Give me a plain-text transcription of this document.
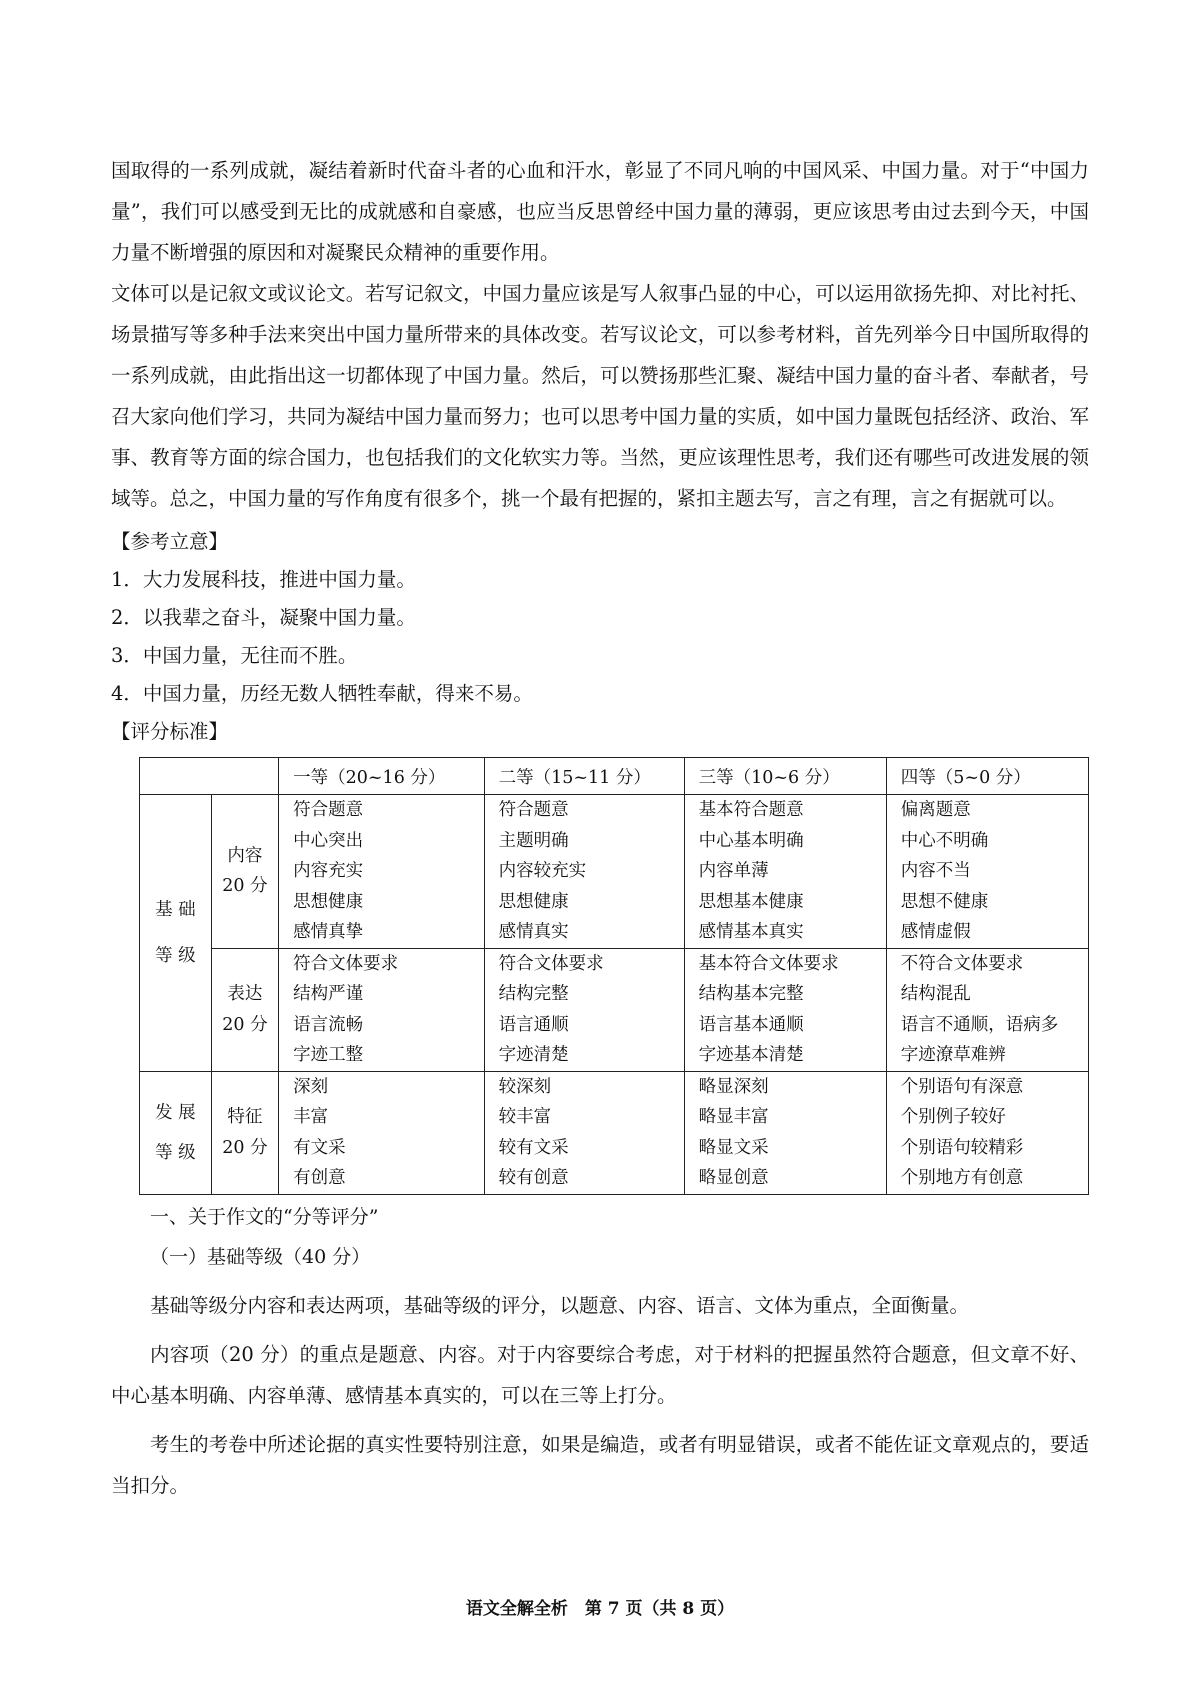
国取得的一系列成就，凝结着新时代奋斗者的心血和汗水，彰显了不同凡响的中国风采、中国力量。对于“中国力量”，我们可以感受到无比的成就感和自豪感，也应当反思曾经中国力量的薄弱，更应该思考由过去到今天，中国力量不断增强的原因和对凝聚民众精神的重要作用。

文体可以是记叙文或议论文。若写记叙文，中国力量应该是写人叙事凸显的中心，可以运用欲扬先抑、对比衬托、场景描写等多种手法来突出中国力量所带来的具体改变。若写议论文，可以参考材料，首先列举今日中国所取得的一系列成就，由此指出这一切都体现了中国力量。然后，可以赞扬那些汇聚、凝结中国力量的奋斗者、奉献者，号召大家向他们学习，共同为凝结中国力量而努力；也可以思考中国力量的实质，如中国力量既包括经济、政治、军事、教育等方面的综合国力，也包括我们的文化软实力等。当然，更应该理性思考，我们还有哪些可改进发展的领域等。总之，中国力量的写作角度有很多个，挑一个最有把握的，紧扣主题去写，言之有理，言之有据就可以。

【参考立意】

1．大力发展科技，推进中国力量。

2．以我辈之奋斗，凝聚中国力量。

3．中国力量，无往而不胜。

4．中国力量，历经无数人牺牲奉献，得来不易。

【评分标准】

		一等（20~16 分）	二等（15~11 分）	三等（10~6 分）	四等（5~0 分）

基 础
等 级	内容
20 分	符合题意
中心突出
内容充实
思想健康
感情真挚	符合题意
主题明确
内容较充实
思想健康
感情真实	基本符合题意
中心基本明确
内容单薄
思想基本健康
感情基本真实	偏离题意
中心不明确
内容不当
思想不健康
感情虚假

	表达
20 分	符合文体要求
结构严谨
语言流畅
字迹工整	符合文体要求
结构完整
语言通顺
字迹清楚	基本符合文体要求
结构基本完整
语言基本通顺
字迹基本清楚	不符合文体要求
结构混乱
语言不通顺，语病多
字迹潦草难辨

发 展
等 级	特征
20 分	深刻
丰富
有文采
有创意	较深刻
较丰富
较有文采
较有创意	略显深刻
略显丰富
略显文采
略显创意	个别语句有深意
个别例子较好
个别语句较精彩
个别地方有创意

一、关于作文的“分等评分”

（一）基础等级（40 分）

基础等级分内容和表达两项，基础等级的评分，以题意、内容、语言、文体为重点，全面衡量。

内容项（20 分）的重点是题意、内容。对于内容要综合考虑，对于材料的把握虽然符合题意，但文章不好、中心基本明确、内容单薄、感情基本真实的，可以在三等上打分。

考生的考卷中所述论据的真实性要特别注意，如果是编造，或者有明显错误，或者不能佐证文章观点的，要适当扣分。

语文全解全析　第 7 页（共 8 页）
